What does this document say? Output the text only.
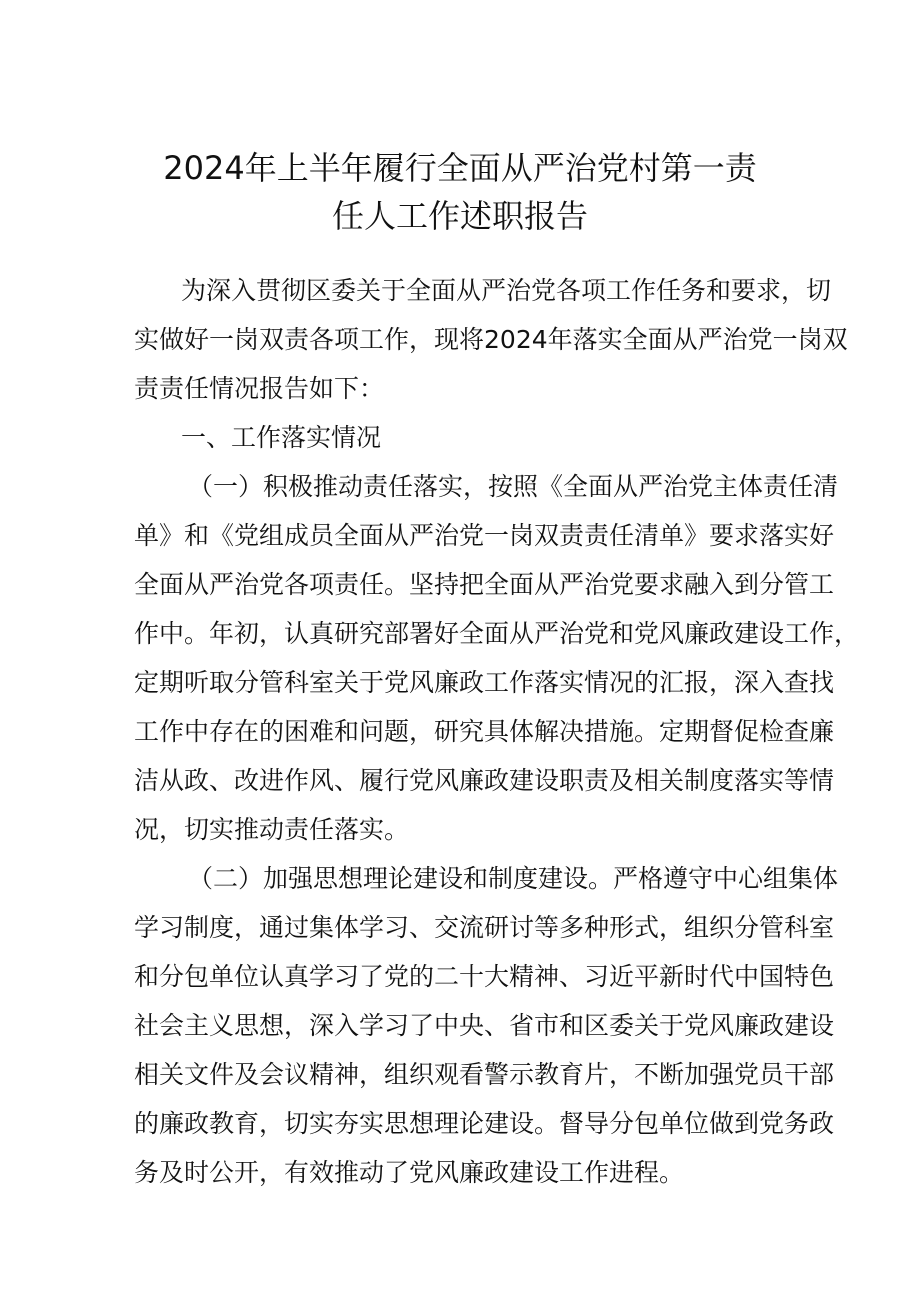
2024年上半年履行全面从严治党村第一责
任人工作述职报告
为深入贯彻区委关于全面从严治党各项工作任务和要求，切
实做好一岗双责各项工作，现将2024年落实全面从严治党一岗双
责责任情况报告如下：
一、工作落实情况
（一）积极推动责任落实，按照《全面从严治党主体责任清
单》和《党组成员全面从严治党一岗双责责任清单》要求落实好
全面从严治党各项责任。坚持把全面从严治党要求融入到分管工
作中。年初，认真研究部署好全面从严治党和党风廉政建设工作，
定期听取分管科室关于党风廉政工作落实情况的汇报，深入查找
工作中存在的困难和问题，研究具体解决措施。定期督促检查廉
洁从政、改进作风、履行党风廉政建设职责及相关制度落实等情
况，切实推动责任落实。
（二）加强思想理论建设和制度建设。严格遵守中心组集体
学习制度，通过集体学习、交流研讨等多种形式，组织分管科室
和分包单位认真学习了党的二十大精神、习近平新时代中国特色
社会主义思想，深入学习了中央、省市和区委关于党风廉政建设
相关文件及会议精神，组织观看警示教育片，不断加强党员干部
的廉政教育，切实夯实思想理论建设。督导分包单位做到党务政
务及时公开，有效推动了党风廉政建设工作进程。
